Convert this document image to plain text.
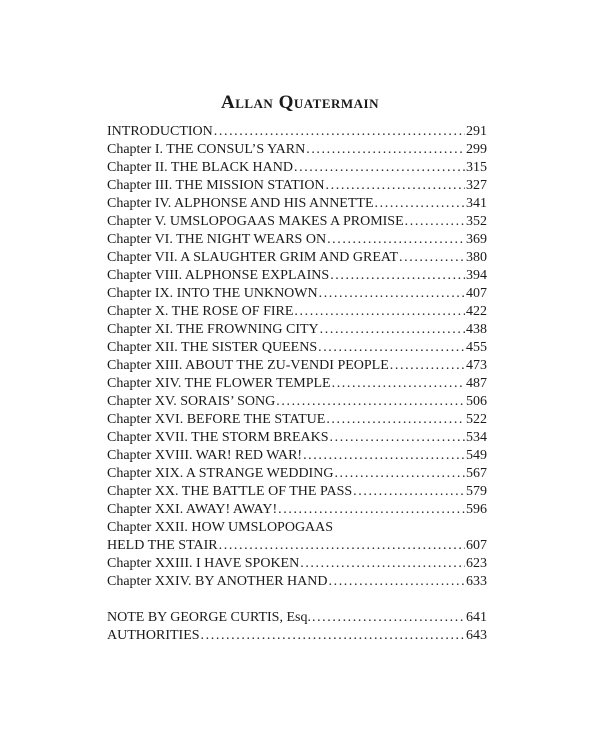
Allan Quatermain
INTRODUCTION .....	291
Chapter I. THE CONSUL’S YARN .....	299
Chapter II. THE BLACK HAND .....	315
Chapter III. THE MISSION STATION .....	327
Chapter IV. ALPHONSE AND HIS ANNETTE .....	341
Chapter V. UMSLOPOGAAS MAKES A PROMISE .....	352
Chapter VI. THE NIGHT WEARS ON .....	369
Chapter VII. A SLAUGHTER GRIM AND GREAT .....	380
Chapter VIII. ALPHONSE EXPLAINS .....	394
Chapter IX. INTO THE UNKNOWN .....	407
Chapter X. THE ROSE OF FIRE .....	422
Chapter XI. THE FROWNING CITY .....	438
Chapter XII. THE SISTER QUEENS .....	455
Chapter XIII. ABOUT THE ZU-VENDI PEOPLE .....	473
Chapter XIV. THE FLOWER TEMPLE .....	487
Chapter XV. SORAIS’ SONG .....	506
Chapter XVI. BEFORE THE STATUE .....	522
Chapter XVII. THE STORM BREAKS .....	534
Chapter XVIII. WAR! RED WAR! .....	549
Chapter XIX. A STRANGE WEDDING .....	567
Chapter XX. THE BATTLE OF THE PASS .....	579
Chapter XXI. AWAY! AWAY! .....	596
Chapter XXII. HOW UMSLOPOGAAS
HELD THE STAIR .....	607
Chapter XXIII. I HAVE SPOKEN .....	623
Chapter XXIV. BY ANOTHER HAND .....	633
NOTE BY GEORGE CURTIS, Esq. .....	641
AUTHORITIES .....	643
